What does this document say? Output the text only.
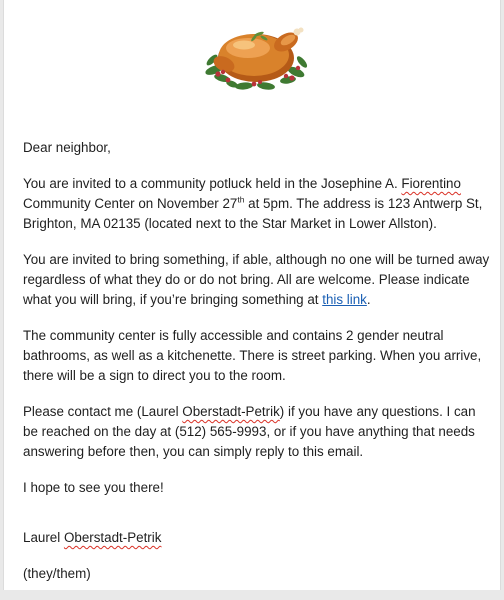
Dear neighbor,

You are invited to a community potluck held in the Josephine A. Fiorentino Community Center on November 27th at 5pm. The address is 123 Antwerp St, Brighton, MA 02135 (located next to the Star Market in Lower Allston).

You are invited to bring something, if able, although no one will be turned away regardless of what they do or do not bring. All are welcome. Please indicate what you will bring, if you’re bringing something at this link.

The community center is fully accessible and contains 2 gender neutral bathrooms, as well as a kitchenette. There is street parking. When you arrive, there will be a sign to direct you to the room.

Please contact me (Laurel Oberstadt-Petrik) if you have any questions. I can be reached on the day at (512) 565-9993, or if you have anything that needs answering before then, you can simply reply to this email.

I hope to see you there!

Laurel Oberstadt-Petrik

(they/them)
